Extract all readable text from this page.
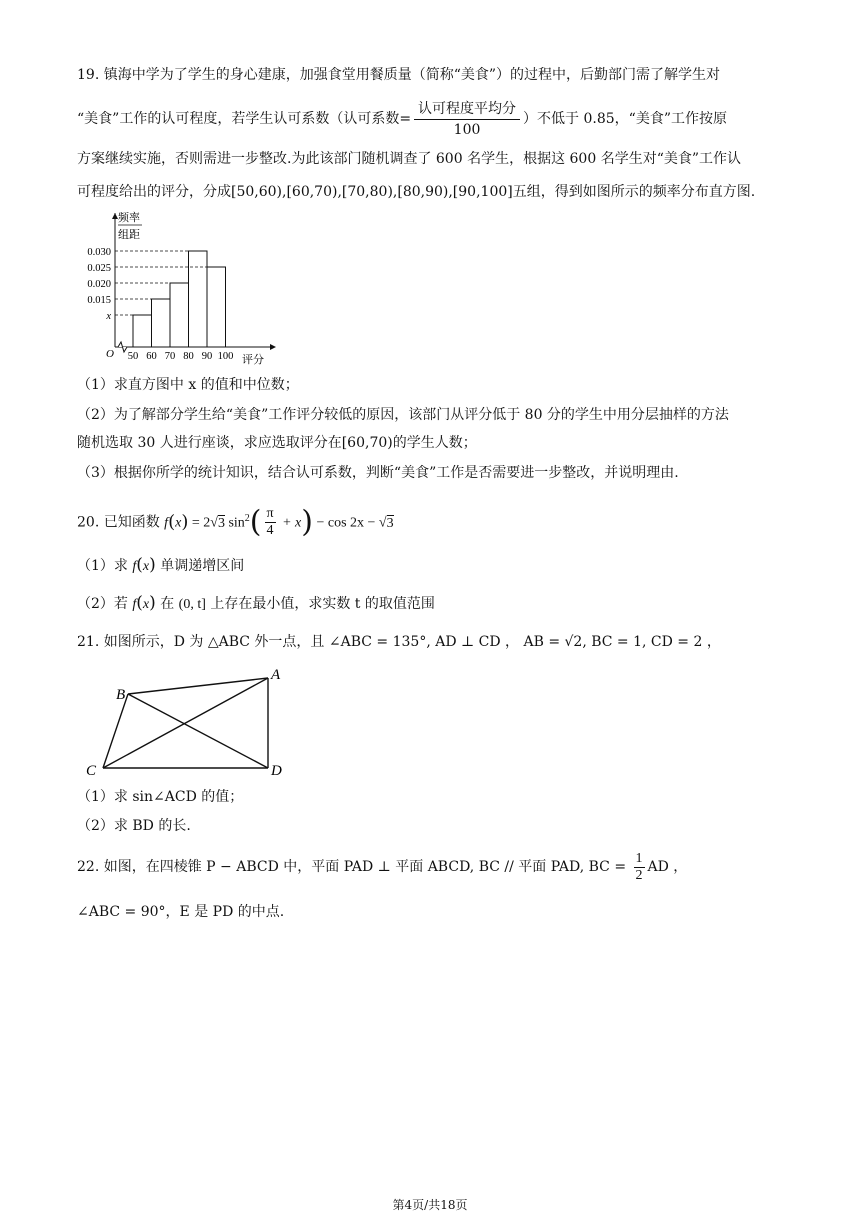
19. 镇海中学为了学生的身心建康，加强食堂用餐质量（简称“美食”）的过程中，后勤部门需了解学生对
“美食”工作的认可程度，若学生认可系数（认可系数= $\frac{\text{认可程度平均分}}{100}$ ）不低于 0.85，“美食”工作按原
方案继续实施，否则需进一步整改.为此该部门随机调查了 600 名学生，根据这 600 名学生对“美食”工作认
可程度给出的评分，分成[50,60),[60,70),[70,80),[80,90),[90,100]五组，得到如图所示的频率分布直方图.
x
0.015
0.020
0.025
0.030
50 60 70 80 90 100
O	评分
频率
组距
（1）求直方图中 x 的值和中位数；
（2）为了解部分学生给“美食”工作评分较低的原因，该部门从评分低于 80 分的学生中用分层抽样的方法
随机选取 30 人进行座谈，求应选取评分在[60,70)的学生人数；
（3）根据你所学的统计知识，结合认可系数，判断“美食”工作是否需要进一步整改，并说明理由.
20. 已知函数 f(x) = 2√3 $\sin^2( \frac{\pi}{4} + x) - \cos 2x - √3$
（1）求 f(x) 单调递增区间
（2）若 f(x) 在 (0, t] 上存在最小值，求实数 t 的取值范围
21. 如图所示，D 为 △ABC 外一点，且 ∠ABC = 135°, AD ⊥ CD ， AB = √2, BC = 1, CD = 2 ，
A
B
C	D
（1）求 sin∠ACD 的值；
（2）求 BD 的长.
22. 如图，在四棱锥 P − ABCD 中，平面 PAD ⊥ 平面 ABCD, BC // 平面 PAD, BC = $\frac{1}{2}$ AD ，
∠ABC = 90°，E 是 PD 的中点.
第4页/共18页
